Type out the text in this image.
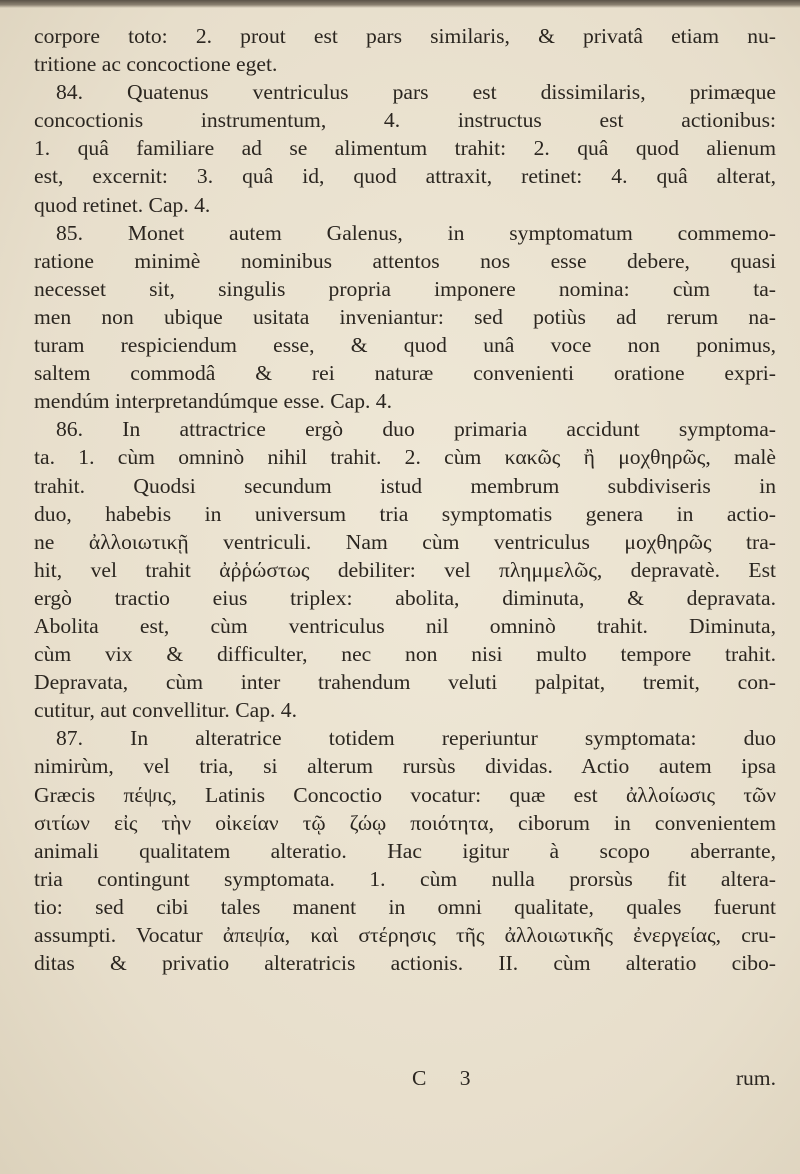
corpore toto: 2. prout est pars similaris, & privatâ etiam nu-
tritione ac concoctione eget.
84. Quatenus ventriculus pars est dissimilaris, primæque
concoctionis instrumentum, 4. instructus est actionibus:
1. quâ familiare ad se alimentum trahit: 2. quâ quod alienum
est, excernit: 3. quâ id, quod attraxit, retinet: 4. quâ alterat,
quod retinet. Cap. 4.
85. Monet autem Galenus, in symptomatum commemo-
ratione minimè nominibus attentos nos esse debere, quasi
necesset sit, singulis propria imponere nomina: cùm ta-
men non ubique usitata inveniantur: sed potiùs ad rerum na-
turam respiciendum esse, & quod unâ voce non ponimus,
saltem commodâ & rei naturæ convenienti oratione expri-
mendúm interpretandúmque esse. Cap. 4.
86. In attractrice ergò duo primaria accidunt symptoma-
ta. 1. cùm omninò nihil trahit. 2. cùm κακῶς ἢ μοχθηρῶς, malè
trahit. Quodsi secundum istud membrum subdiviseris in
duo, habebis in universum tria symptomatis genera in actio-
ne ἀλλοιωτικῇ ventriculi. Nam cùm ventriculus μοχθηρῶς tra-
hit, vel trahit ἀῤῥώστως debiliter: vel πλημμελῶς, depravatè. Est
ergò tractio eius triplex: abolita, diminuta, & depravata.
Abolita est, cùm ventriculus nil omninò trahit. Diminuta,
cùm vix & difficulter, nec non nisi multo tempore trahit.
Depravata, cùm inter trahendum veluti palpitat, tremit, con-
cutitur, aut convellitur. Cap. 4.
87. In alteratrice totidem reperiuntur symptomata: duo
nimirùm, vel tria, si alterum rursùs dividas. Actio autem ipsa
Græcis πέψις, Latinis Concoctio vocatur: quæ est ἀλλοίωσις τῶν
σιτίων εἰς τὴν οἰκείαν τῷ ζώῳ ποιότητα, ciborum in convenientem
animali qualitatem alteratio. Hac igitur à scopo aberrante,
tria contingunt symptomata. 1. cùm nulla prorsùs fit altera-
tio: sed cibi tales manent in omni qualitate, quales fuerunt
assumpti. Vocatur ἀπεψία, καὶ στέρησις τῆς ἀλλοιωτικῆς ἐνεργείας, cru-
ditas & privatio alteratricis actionis. II. cùm alteratio cibo-
C 3	rum.
